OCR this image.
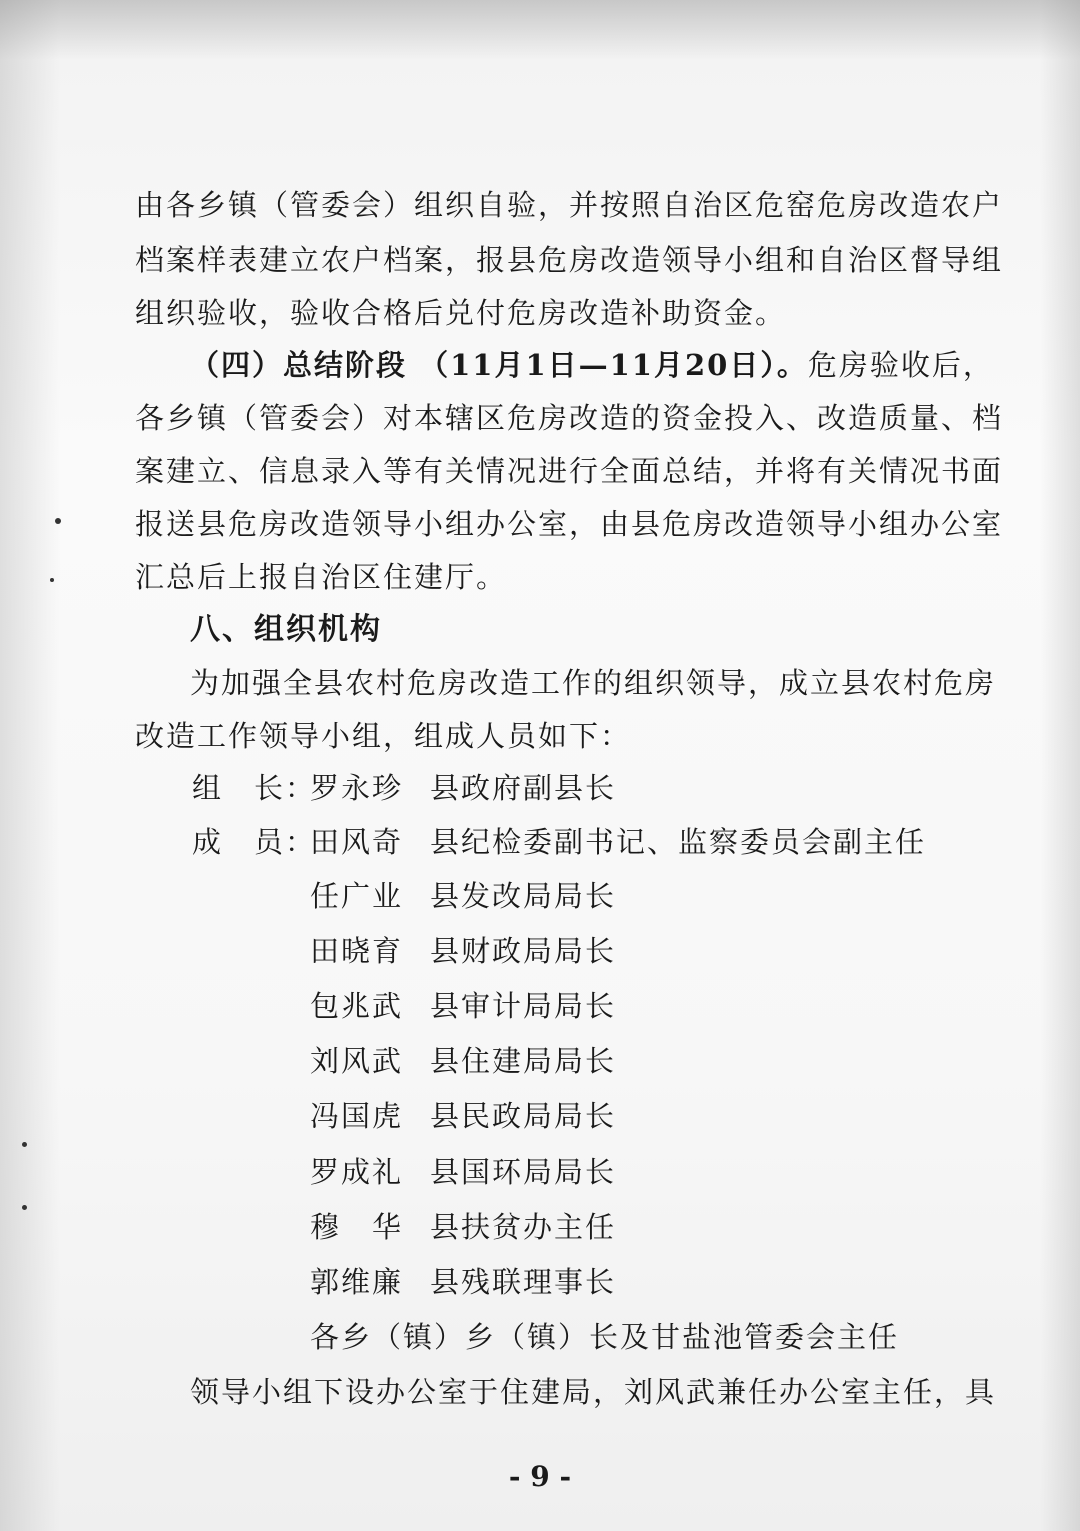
由各乡镇（管委会）组织自验，并按照自治区危窑危房改造农户
档案样表建立农户档案，报县危房改造领导小组和自治区督导组
组织验收，验收合格后兑付危房改造补助资金。
（四）总结阶段 （11月1日—11月20日）。危房验收后，
各乡镇（管委会）对本辖区危房改造的资金投入、改造质量、档
案建立、信息录入等有关情况进行全面总结，并将有关情况书面
报送县危房改造领导小组办公室，由县危房改造领导小组办公室
汇总后上报自治区住建厅。
八、组织机构
为加强全县农村危房改造工作的组织领导，成立县农村危房
改造工作领导小组，组成人员如下：
组　长：
罗永珍 县政府副县长
成　员：
田风奇 县纪检委副书记、监察委员会副主任
任广业 县发改局局长
田晓育 县财政局局长
包兆武 县审计局局长
刘风武 县住建局局长
冯国虎 县民政局局长
罗成礼 县国环局局长
穆　华 县扶贫办主任
郭维廉 县残联理事长
各乡（镇）乡（镇）长及甘盐池管委会主任
领导小组下设办公室于住建局，刘风武兼任办公室主任，具
- 9 -
